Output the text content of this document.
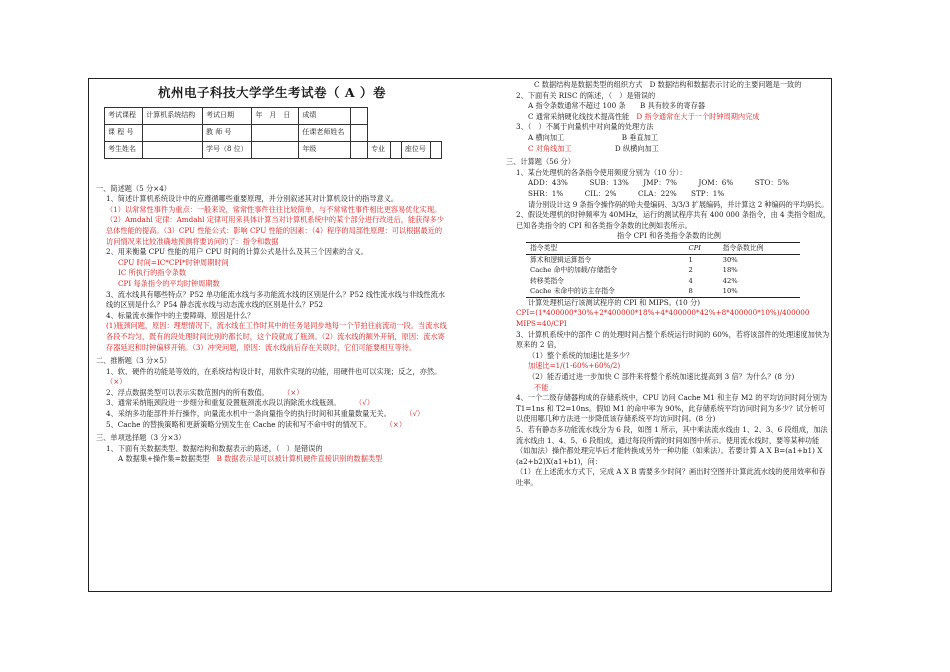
杭州电子科技大学学生考试卷（ A ）卷
考试课程	计算机系统结构	考试日期	年　月　日	成绩					
课 程 号		教 师 号		任课老师姓名					
考生姓名		学号（8 位）		年级		专业		座位号	

一、简述题（5 分×4）

1、简述计算机系统设计中的应遵循哪些重要原理，并分别叙述其对计算机设计的指导意义。

（1）以常常性事件为重点：一般来说，常常性事件往往比较简单，与不常常性事件相比更容易优化实现。（2）Amdahl 定律：Amdahl 定律可用来具体计算当对计算机系统中的某个部分进行改进后，能获得多少总体性能的提高。（3）CPU 性能公式：影响 CPU 性能的因素：（4）程序的局部性原理：可以根据最近的访问情况来比较准确地预测将要访问的了：指令和数据

2、用来衡量 CPU 性能的用户 CPU 时间的计算公式是什么及其三个因素的含义。

CPU 时间=IC*CPI*时钟周期时间

IC 所执行的指令条数

CPI 每条指令的平均时钟周期数

3、流水线具有哪些特点？P52 单功能流水线与多功能流水线的区别是什么？P52 线性流水线与非线性流水线的区别是什么？P54 静态流水线与动态流水线的区别是什么？P52

4、标量流水操作中的主要障碍、原因是什么？

(1)瓶颈问题，原因：理想情况下，流水线在工作时其中的任务是同步地每一个节拍往前流动一段。当流水线各段不均匀，既有的段处理时间比别的都长时，这个段就成了瓶颈。（2）流水线的额外开销，原因：流水寄存器延迟和时钟偏移开销。（3）冲突问题，原因：流水线前后存在关联时，它们可能要相互等待。

二、推断题（3 分×5）

1、软、硬件的功能是等效的，在系统结构设计时，用软件实现的功能，用硬件也可以实现；反之，亦然。　　　（×）

2、浮点数据类型可以表示实数范围内的所有数值。　　　（×）

3、通常采纳瓶颈段进一步细分和重复设置瓶颈流水段以消除流水线瓶颈。　　　（√）

4、采纳多功能部件并行操作，向量流水机中一条向量指令的执行时间和其重量数量无关。　　　（√）

5、Cache 的替换策略和更新策略分别发生在 Cache 的读和写不命中时的情况下。　　　（×）

三、单项选择题（3 分×3）

1、下面有关数据类型、数据结构和数据表示的陈述，（　）是错误的

A 数据集+操作集=数据类型　B 数据表示是可以被计算机硬件直接识别的数据类型

C 数据结构是数据类型的组织方式　D 数据结构和数据表示讨论的主要问题是一致的

2、下面有关 RISC 的陈述，（　）是错误的

A 指令条数通常不超过 100 条　　B 具有较多的寄存器

C 通常采纳硬化线技术提高性能　D 指令通常在大于一个时钟周期内完成

3、（　）不属于向量机中对向量的处理方法

A 横向加工　　　　　　　　B 垂直加工

C 对角线加工　　　　　　D 纵横向加工

三、计算题（56 分）

1、某台处理机的各条指令使用频度分别为（10 分）：

ADD：43%　　　SUB：13%　　JMP：7%　　　JOM：6%　　　STO：5%

SHR：1%　　　CIL：2%　　　CLA：22%　　STP：1%

请分别设计这 9 条指令操作码的哈夫曼编码、3/3/3 扩展编码，并计算这 2 种编码的平均码长。

2、假设处理机的时钟频率为 40MHz，运行的测试程序共有 400 000 条指令，由 4 类指令组成，已知各类指令的 CPI 和各类指令条数的比例如表所示。

指令 CPI 和各类指令条数的比例

指令类型	CPI	指令条数比例
算术和逻辑运算指令	1	30%
Cache 命中的加载/存储指令	2	18%
转移类指令	4	42%
Cache 未命中的访主存指令	8	10%

计算处理机运行该测试程序的 CPI 和 MIPS。(10 分)

CPI=(1*400000*30%+2*400000*18%+4*400000*42%+8*400000*10%)/400000

MIPS=40/CPI

3、计算机系统中的部件 C 的处理时间占整个系统运行时间的 60%，若将该部件的处理速度加快为原来的 2 倍，

（1）整个系统的加速比是多少？

加速比=1/(1-60%+60%/2)

（2）能否通过进一步加快 C 部件来将整个系统加速比提高到 3 倍？为什么？(8 分)

不能

4、一个二级存储器构成的存储系统中，CPU 访问 Cache M1 和主存 M2 的平均访问时间分别为 T1=1ns 和 T2=10ns。假如 M1 的命中率为 90%，此存储系统平均访问时间为多少？试分析可以使用哪几种方法进一步降低该存储系统平均访问时间。(8 分)

5、若有静态多功能流水线分为 6 段，如图 1 所示，其中乘法流水线由 1、2、3、6 段组成，加法流水线由 1、4、5、6 段组成，通过每段所需的时间如图中所示。使用流水线时，要等某种功能（如加法）操作都处理完毕后才能转换成另外一种功能（如乘法）。若要计算 A X B=(a1+b1) X (a2+b2)X(a1+b1)，问：

（1）在上述流水方式下，完成 A X B 需要多少时间？画出时空图并计算此流水线的使用效率和吞吐率。
